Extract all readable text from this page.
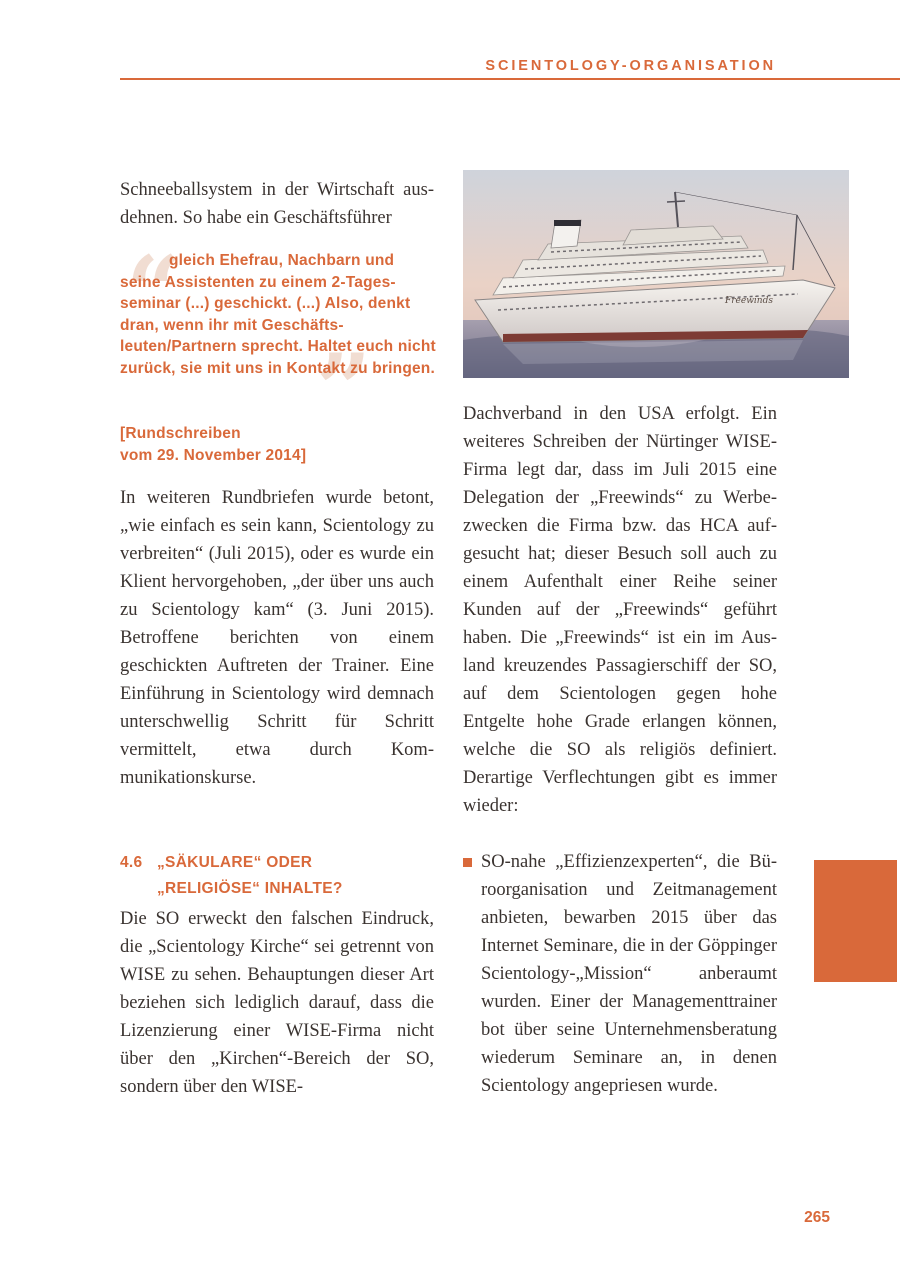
SCIENTOLOGY-ORGANISATION

Schneeballsystem in der Wirtschaft ausdehnen. So habe ein Geschäftsführer

“
”

gleich Ehefrau, Nachbarn und seine Assistenten zu einem 2-Tagesseminar (...) geschickt. (...) Also, denkt dran, wenn ihr mit Geschäftsleuten/Partnern sprecht. Haltet euch nicht zurück, sie mit uns in Kontakt zu bringen.

[Rundschreiben
vom 29. November 2014]

In weiteren Rundbriefen wurde betont, „wie einfach es sein kann, Scientology zu verbreiten“ (Juli 2015), oder es wurde ein Klient hervorgehoben, „der über uns auch zu Scientology kam“ (3. Juni 2015). Betroffene berichten von einem geschickten Auftreten der Trainer. Eine Einführung in Scientology wird demnach unterschwellig Schritt für Schritt vermittelt, etwa durch Kommunikationskurse.

4.6 „SÄKULARE“ ODER
„RELIGIÖSE“ INHALTE?

Die SO erweckt den falschen Eindruck, die „Scientology Kirche“ sei getrennt von WISE zu sehen. Behauptungen dieser Art beziehen sich lediglich darauf, dass die Lizenzierung einer WISE-Firma nicht über den „Kirchen“-Bereich der SO, sondern über den WISE-

Freewinds

Dachverband in den USA erfolgt. Ein weiteres Schreiben der Nürtinger WISE-Firma legt dar, dass im Juli 2015 eine Delegation der „Freewinds“ zu Werbezwecken die Firma bzw. das HCA aufgesucht hat; dieser Besuch soll auch zu einem Aufenthalt einer Reihe seiner Kunden auf der „Freewinds“ geführt haben. Die „Freewinds“ ist ein im Ausland kreuzendes Passagierschiff der SO, auf dem Scientologen gegen hohe Entgelte hohe Grade erlangen können, welche die SO als religiös definiert. Derartige Verflechtungen gibt es immer wieder:

SO-nahe „Effizienzexperten“, die Büroorganisation und Zeitmanagement anbieten, bewarben 2015 über das Internet Seminare, die in der Göppinger Scientology-„Mission“ anberaumt wurden. Einer der Managementtrainer bot über seine Unternehmensberatung wiederum Seminare an, in denen Scientology angepriesen wurde.

265
